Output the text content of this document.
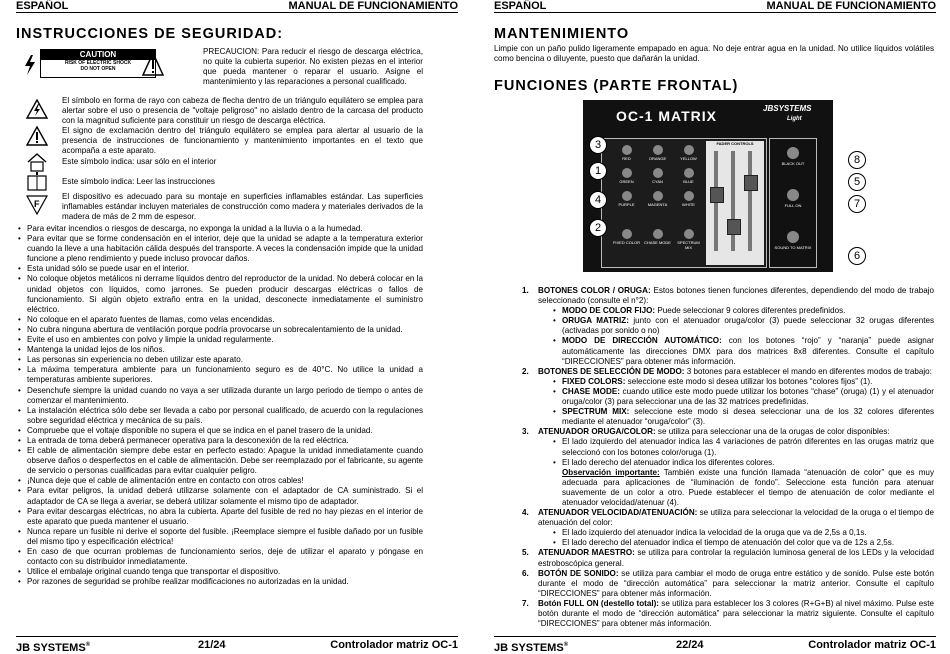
ESPAÑOL	MANUAL DE FUNCIONAMIENTO
INSTRUCCIONES DE SEGURIDAD:
CAUTION
RISK OF ELECTRIC SHOCK
DO NOT OPEN
PRECAUCION: Para reducir el riesgo de descarga eléctrica, no quite la cubierta superior. No existen piezas en el interior que pueda mantener o reparar el usuario. Asigne el mantenimiento y las reparaciones a personal cualificado.
F

El símbolo en forma de rayo con cabeza de flecha dentro de un triángulo equilátero se emplea para alertar sobre el uso o presencia de "voltaje peligroso" no aislado dentro de la carcasa del producto con la magnitud suficiente para constituir un riesgo de descarga eléctrica.

El signo de exclamación dentro del triángulo equilátero se emplea para alertar al usuario de la presencia de instrucciones de funcionamiento y mantenimiento importantes en el texto que acompaña a este aparato.

Este símbolo indica: usar sólo en el interior

Este símbolo indica: Leer las instrucciones

El dispositivo es adecuado para su montaje en superficies inflamables estándar. Las superficies inflamables estándar incluyen materiales de construcción como madera y materiales derivados de la madera de más de 2 mm de espesor.

• Para evitar incendios o riesgos de descarga, no exponga la unidad a la lluvia o a la humedad.
• Para evitar que se forme condensación en el interior, deje que la unidad se adapte a la temperatura exterior cuando la lleve a una habitación cálida después del transporte. A veces la condensación impide que la unidad funcione a pleno rendimiento y puede incluso provocar daños.
• Esta unidad sólo se puede usar en el interior.
• No coloque objetos metálicos ni derrame líquidos dentro del reproductor de la unidad. No deberá colocar en la unidad objetos con líquidos, como jarrones. Se pueden producir descargas eléctricas o fallos de funcionamiento. Si algún objeto extraño entra en la unidad, desconecte inmediatamente el suministro eléctrico.
• No coloque en el aparato fuentes de llamas, como velas encendidas.
• No cubra ninguna abertura de ventilación porque podría provocarse un sobrecalentamiento de la unidad.
• Evite el uso en ambientes con polvo y limpie la unidad regularmente.
• Mantenga la unidad lejos de los niños.
• Las personas sin experiencia no deben utilizar este aparato.
• La máxima temperatura ambiente para un funcionamiento seguro es de 40°C. No utilice la unidad a temperaturas ambiente superiores.
• Desenchufe siempre la unidad cuando no vaya a ser utilizada durante un largo periodo de tiempo o antes de comenzar el mantenimiento.
• La instalación eléctrica sólo debe ser llevada a cabo por personal cualificado, de acuerdo con la regulaciones sobre seguridad eléctrica y mecánica de su país.
• Compruebe que el voltaje disponible no supera el que se indica en el panel trasero de la unidad.
• La entrada de toma deberá permanecer operativa para la desconexión de la red eléctrica.
• El cable de alimentación siempre debe estar en perfecto estado: Apague la unidad inmediatamente cuando observe daños o desperfectos en el cable de alimentación. Debe ser reemplazado por el fabricante, su agente de servicio o personas cualificadas para evitar cualquier peligro.
• ¡Nunca deje que el cable de alimentación entre en contacto con otros cables!
• Para evitar peligros, la unidad deberá utilizarse solamente con el adaptador de CA suministrado. Si el adaptador de CA se llega a averiar, se deberá utilizar solamente el mismo tipo de adaptador.
• Para evitar descargas eléctricas, no abra la cubierta. Aparte del fusible de red no hay piezas en el interior de este aparato que pueda mantener el usuario.
• Nunca repare un fusible ni derive el soporte del fusible. ¡Reemplace siempre el fusible dañado por un fusible del mismo tipo y especificación eléctrica!
• En caso de que ocurran problemas de funcionamiento serios, deje de utilizar el aparato y póngase en contacto con su distribuidor inmediatamente.
• Utilice el embalaje original cuando tenga que transportar el dispositivo.
• Por razones de seguridad se prohíbe realizar modificaciones no autorizadas en la unidad.
JB SYSTEMS®	21/24	Controlador matriz OC-1
ESPAÑOL	MANUAL DE FUNCIONAMIENTO
MANTENIMIENTO
Limpie con un paño pulido ligeramente empapado en agua. No deje entrar agua en la unidad. No utilice líquidos volátiles como bencina o diluyente, puesto que dañarán la unidad.
FUNCIONES (PARTE FRONTAL)
OC-1 MATRIX	JBSYSTEMS
Light
RED	ORANGE	YELLOW
GREEN	CYAN	BLUE
PURPLE	MAGENTA	WHITE
FIXED COLOR CHASE MODE	SPECTRUM MIX
FADER CONTROLS
BLACK OUT
FULL ON
SOUND TO MATRIX
1. BOTONES COLOR / ORUGA: Estos botones tienen funciones diferentes, dependiendo del modo de trabajo seleccionado (consulte el n°2):
• MODO DE COLOR FIJO: Puede seleccionar 9 colores diferentes predefinidos.
• ORUGA MATRIZ: junto con el atenuador oruga/color (3) puede seleccionar 32 orugas diferentes (activadas por sonido o no)
• MODO DE DIRECCIÓN AUTOMÁTICO: con los botones “rojo” y “naranja” puede asignar automáticamente las direcciones DMX para dos matrices 8x8 diferentes. Consulte el capítulo “DIRECCIONES” para obtener más información.
2. BOTONES DE SELECCIÓN DE MODO: 3 botones para establecer el mando en diferentes modos de trabajo:
• FIXED COLORS: seleccione este modo si desea utilizar los botones “colores fijos” (1).
• CHASE MODE: cuando utilice este modo puede utilizar los botones “chase” (oruga) (1) y el atenuador oruga/color (3) para seleccionar una de las 32 matrices predefinidas.
• SPECTRUM MIX: seleccione este modo si desea seleccionar una de los 32 colores diferentes mediante el atenuador “oruga/color” (3).
3. ATENUADOR ORUGA/COLOR: se utiliza para seleccionar una de la orugas de color disponibles:
• El lado izquierdo del atenuador indica las 4 variaciones de patrón diferentes en las orugas matriz que seleccionó con los botones color/oruga (1).
• El lado derecho del atenuador indica los diferentes colores.
Observación importante: También existe una función llamada “atenuación de color” que es muy adecuada para aplicaciones de “iluminación de fondo”. Seleccione esta función para atenuar suavemente de un color a otro. Puede establecer el tiempo de atenuación de color mediante el atenuador velocidad/atenuar (4).
4. ATENUADOR VELOCIDAD/ATENUACIÓN: se utiliza para seleccionar la velocidad de la oruga o el tiempo de atenuación del color:
• El lado izquierdo del atenuador indica la velocidad de la oruga que va de 2,5s a 0,1s.
• El lado derecho del atenuador indica el tiempo de atenuación del color que va de 12s a 2,5s.
5. ATENUADOR MAESTRO: se utiliza para controlar la regulación luminosa general de los LEDs y la velocidad estroboscópica general.
6. BOTÓN DE SONIDO: se utiliza para cambiar el modo de oruga entre estático y de sonido. Pulse este botón durante el modo de “dirección automática” para seleccionar la matriz anterior. Consulte el capítulo “DIRECCIONES” para obtener más información.
7. Botón FULL ON (destello total): se utiliza para establecer los 3 colores (R+G+B) al nivel máximo. Pulse este botón durante el modo de “dirección automática” para seleccionar la matriz siguiente. Consulte el capítulo “DIRECCIONES” para obtener más información.
JB SYSTEMS®	22/24	Controlador matriz OC-1
3
1
4
2
8
5
7
6
